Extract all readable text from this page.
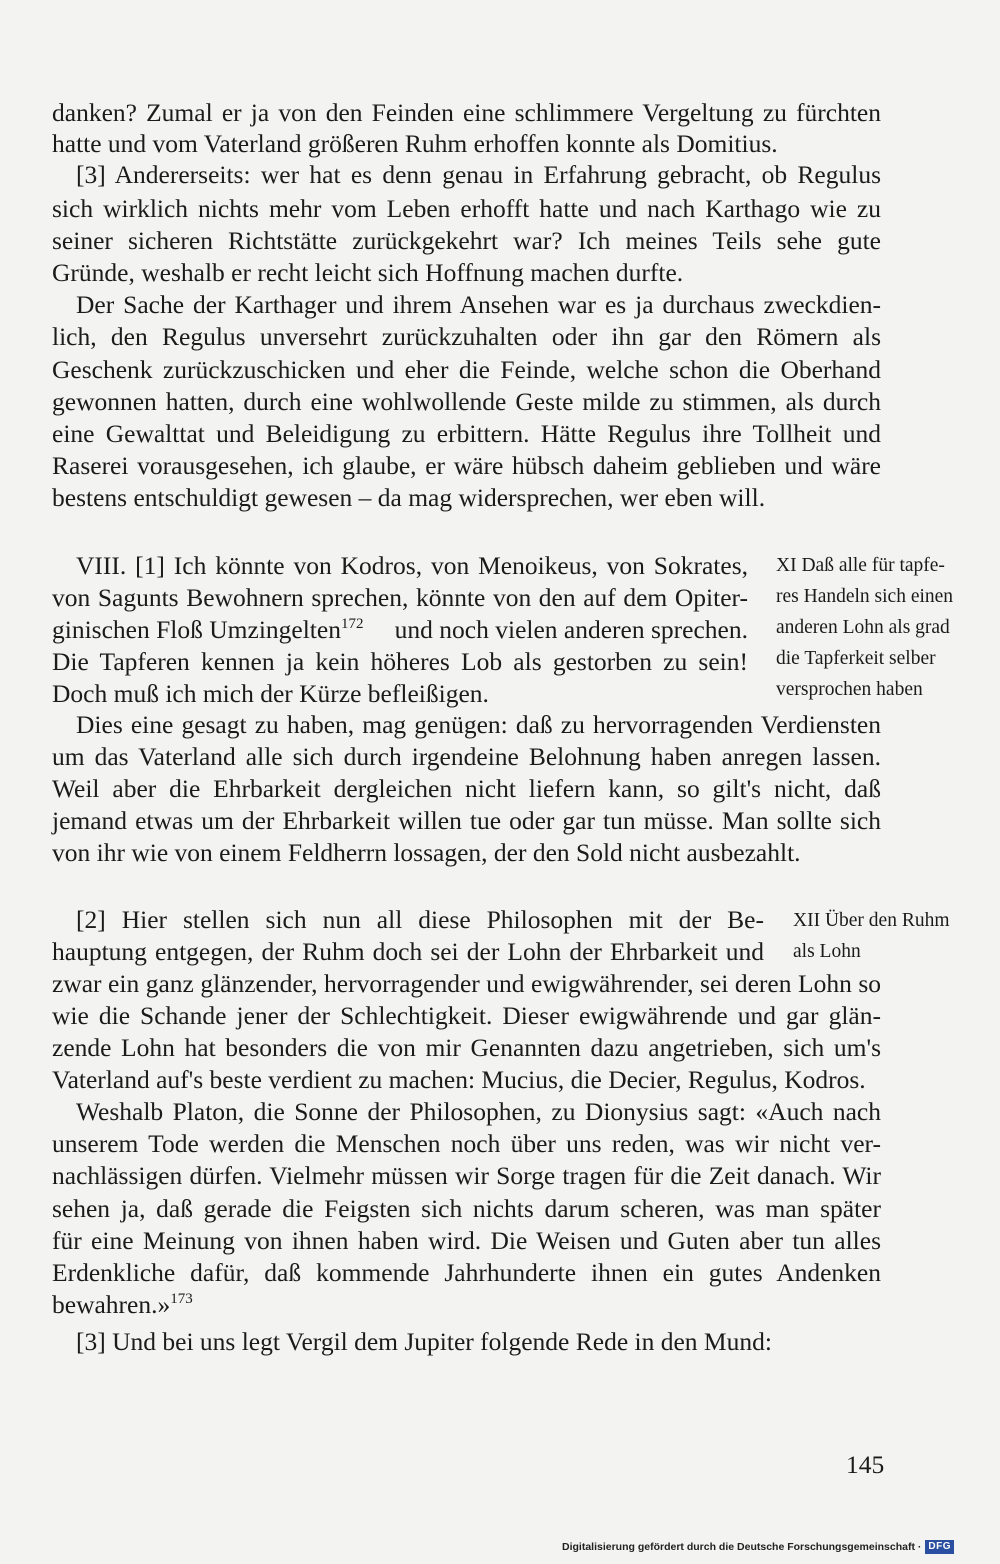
danken? Zumal er ja von den Feinden eine schlimmere Vergeltung zu fürchten
hatte und vom Vaterland größeren Ruhm erhoffen konnte als Domitius.
[3] Andererseits: wer hat es denn genau in Erfahrung gebracht, ob Regulus
sich wirklich nichts mehr vom Leben erhofft hatte und nach Karthago wie zu
seiner sicheren Richtstätte zurückgekehrt war? Ich meines Teils sehe gute
Gründe, weshalb er recht leicht sich Hoffnung machen durfte.
Der Sache der Karthager und ihrem Ansehen war es ja durchaus zweckdien-
lich, den Regulus unversehrt zurückzuhalten oder ihn gar den Römern als
Geschenk zurückzuschicken und eher die Feinde, welche schon die Oberhand
gewonnen hatten, durch eine wohlwollende Geste milde zu stimmen, als durch
eine Gewalttat und Beleidigung zu erbittern. Hätte Regulus ihre Tollheit und
Raserei vorausgesehen, ich glaube, er wäre hübsch daheim geblieben und wäre
bestens entschuldigt gewesen – da mag widersprechen, wer eben will.
VIII. [1] Ich könnte von Kodros, von Menoikeus, von Sokrates,
von Sagunts Bewohnern sprechen, könnte von den auf dem Opiter-
ginischen Floß Umzingelten$^{172}$ und noch vielen anderen sprechen.
Die Tapferen kennen ja kein höheres Lob als gestorben zu sein!
Doch muß ich mich der Kürze befleißigen.
XI Daß alle für tapfe-
res Handeln sich einen
anderen Lohn als grad
die Tapferkeit selber
versprochen haben
Dies eine gesagt zu haben, mag genügen: daß zu hervorragenden Verdiensten
um das Vaterland alle sich durch irgendeine Belohnung haben anregen lassen.
Weil aber die Ehrbarkeit dergleichen nicht liefern kann, so gilt's nicht, daß
jemand etwas um der Ehrbarkeit willen tue oder gar tun müsse. Man sollte sich
von ihr wie von einem Feldherrn lossagen, der den Sold nicht ausbezahlt.
[2] Hier stellen sich nun all diese Philosophen mit der Be-
hauptung entgegen, der Ruhm doch sei der Lohn der Ehrbarkeit und
zwar ein ganz glänzender, hervorragender und ewigwährender, sei deren Lohn so
wie die Schande jener der Schlechtigkeit. Dieser ewigwährende und gar glän-
zende Lohn hat besonders die von mir Genannten dazu angetrieben, sich um's
Vaterland auf's beste verdient zu machen: Mucius, die Decier, Regulus, Kodros.
XII Über den Ruhm
als Lohn
Weshalb Platon, die Sonne der Philosophen, zu Dionysius sagt: «Auch nach
unserem Tode werden die Menschen noch über uns reden, was wir nicht ver-
nachlässigen dürfen. Vielmehr müssen wir Sorge tragen für die Zeit danach. Wir
sehen ja, daß gerade die Feigsten sich nichts darum scheren, was man später
für eine Meinung von ihnen haben wird. Die Weisen und Guten aber tun alles
Erdenkliche dafür, daß kommende Jahrhunderte ihnen ein gutes Andenken
bewahren.»$^{173}$
[3] Und bei uns legt Vergil dem Jupiter folgende Rede in den Mund:
145
Digitalisierung gefördert durch die Deutsche Forschungsgemeinschaft · DFG
